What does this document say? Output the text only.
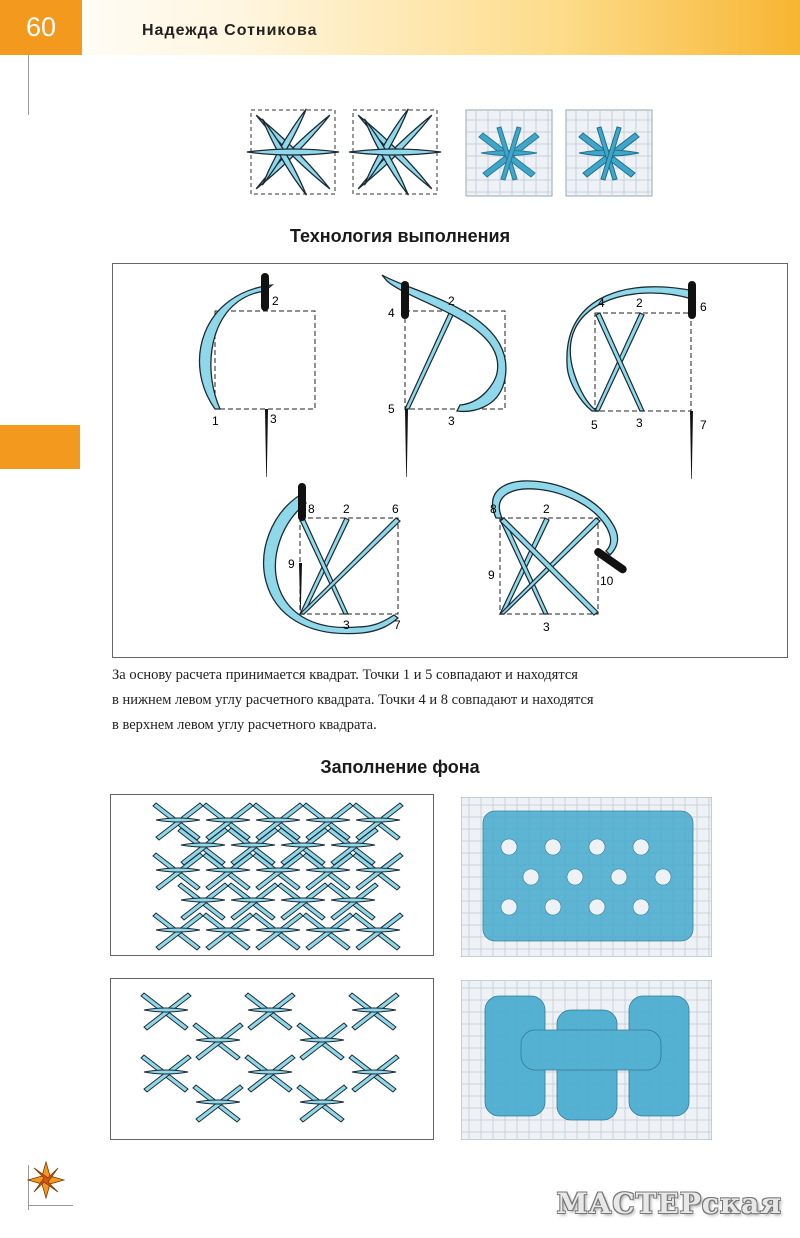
60	Надежда Сотникова
Технология выполнения
1
2
3
2
3
4
5
2
3
4
5
6
7
2
3
6
7
8
9
2
3
8
9	10
За основу расчета принимается квадрат. Точки 1 и 5 совпадают и находятся
в нижнем левом углу расчетного квадрата. Точки 4 и 8 совпадают и находятся
в верхнем левом углу расчетного квадрата.
Заполнение фона
МАСТЕРская
